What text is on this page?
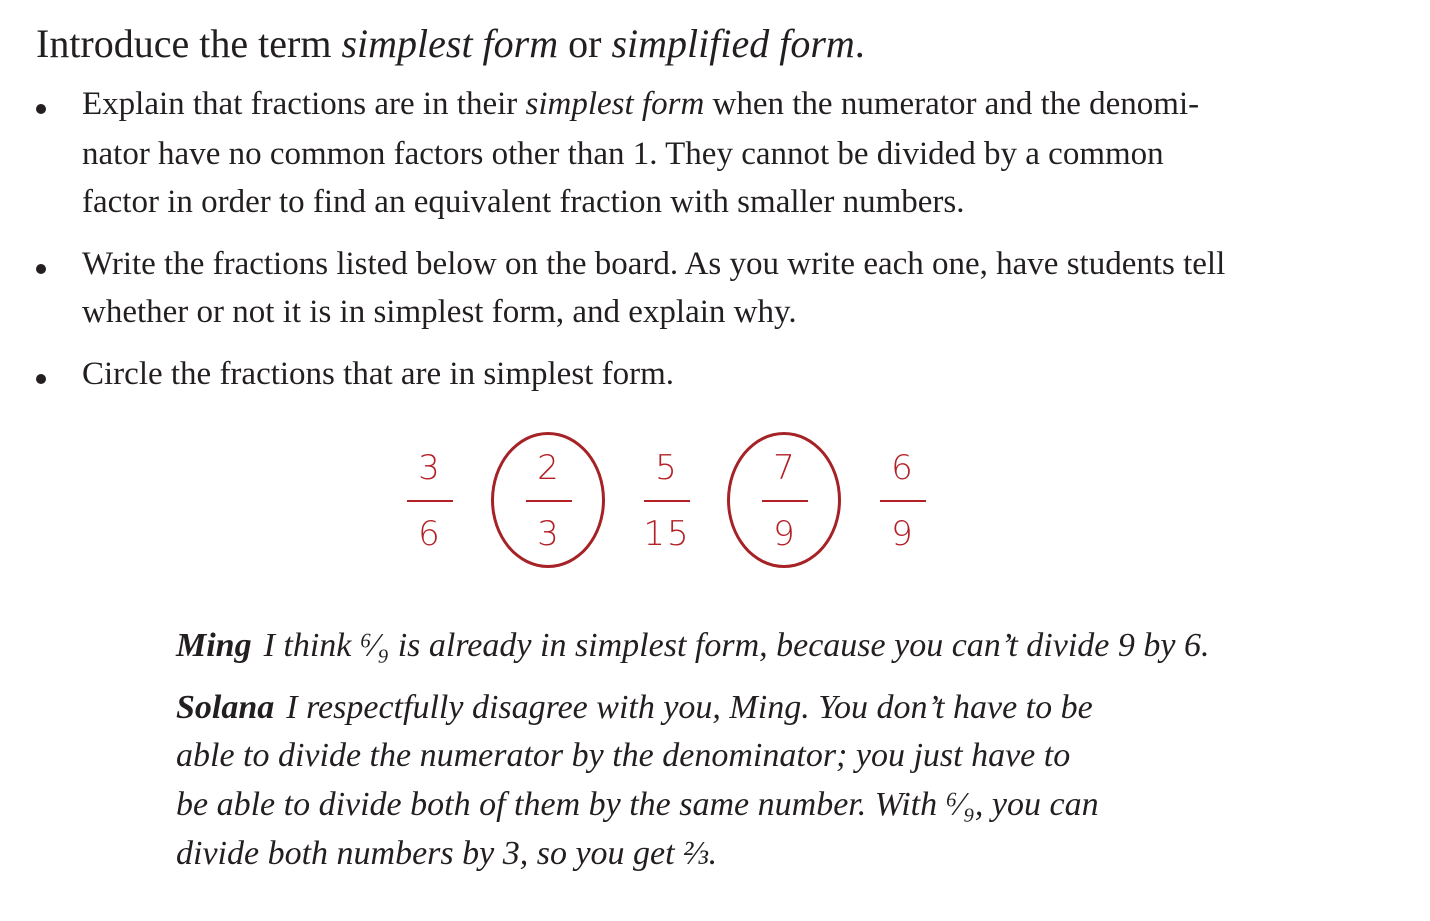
Introduce the term simplest form or simplified form.
Explain that fractions are in their simplest form when the numerator and the denomi-
nator have no common factors other than 1. They cannot be divided by a common
factor in order to find an equivalent fraction with smaller numbers.
Write the fractions listed below on the board. As you write each one, have students tell
whether or not it is in simplest form, and explain why.
Circle the fractions that are in simplest form.
3
6
2
3
5
15
7
9
6
9
Ming I think ⁶⁄₉ is already in simplest form, because you can’t divide 9 by 6.
Solana I respectfully disagree with you, Ming. You don’t have to be
able to divide the numerator by the denominator; you just have to
be able to divide both of them by the same number. With ⁶⁄₉, you can
divide both numbers by 3, so you get ⅔.
